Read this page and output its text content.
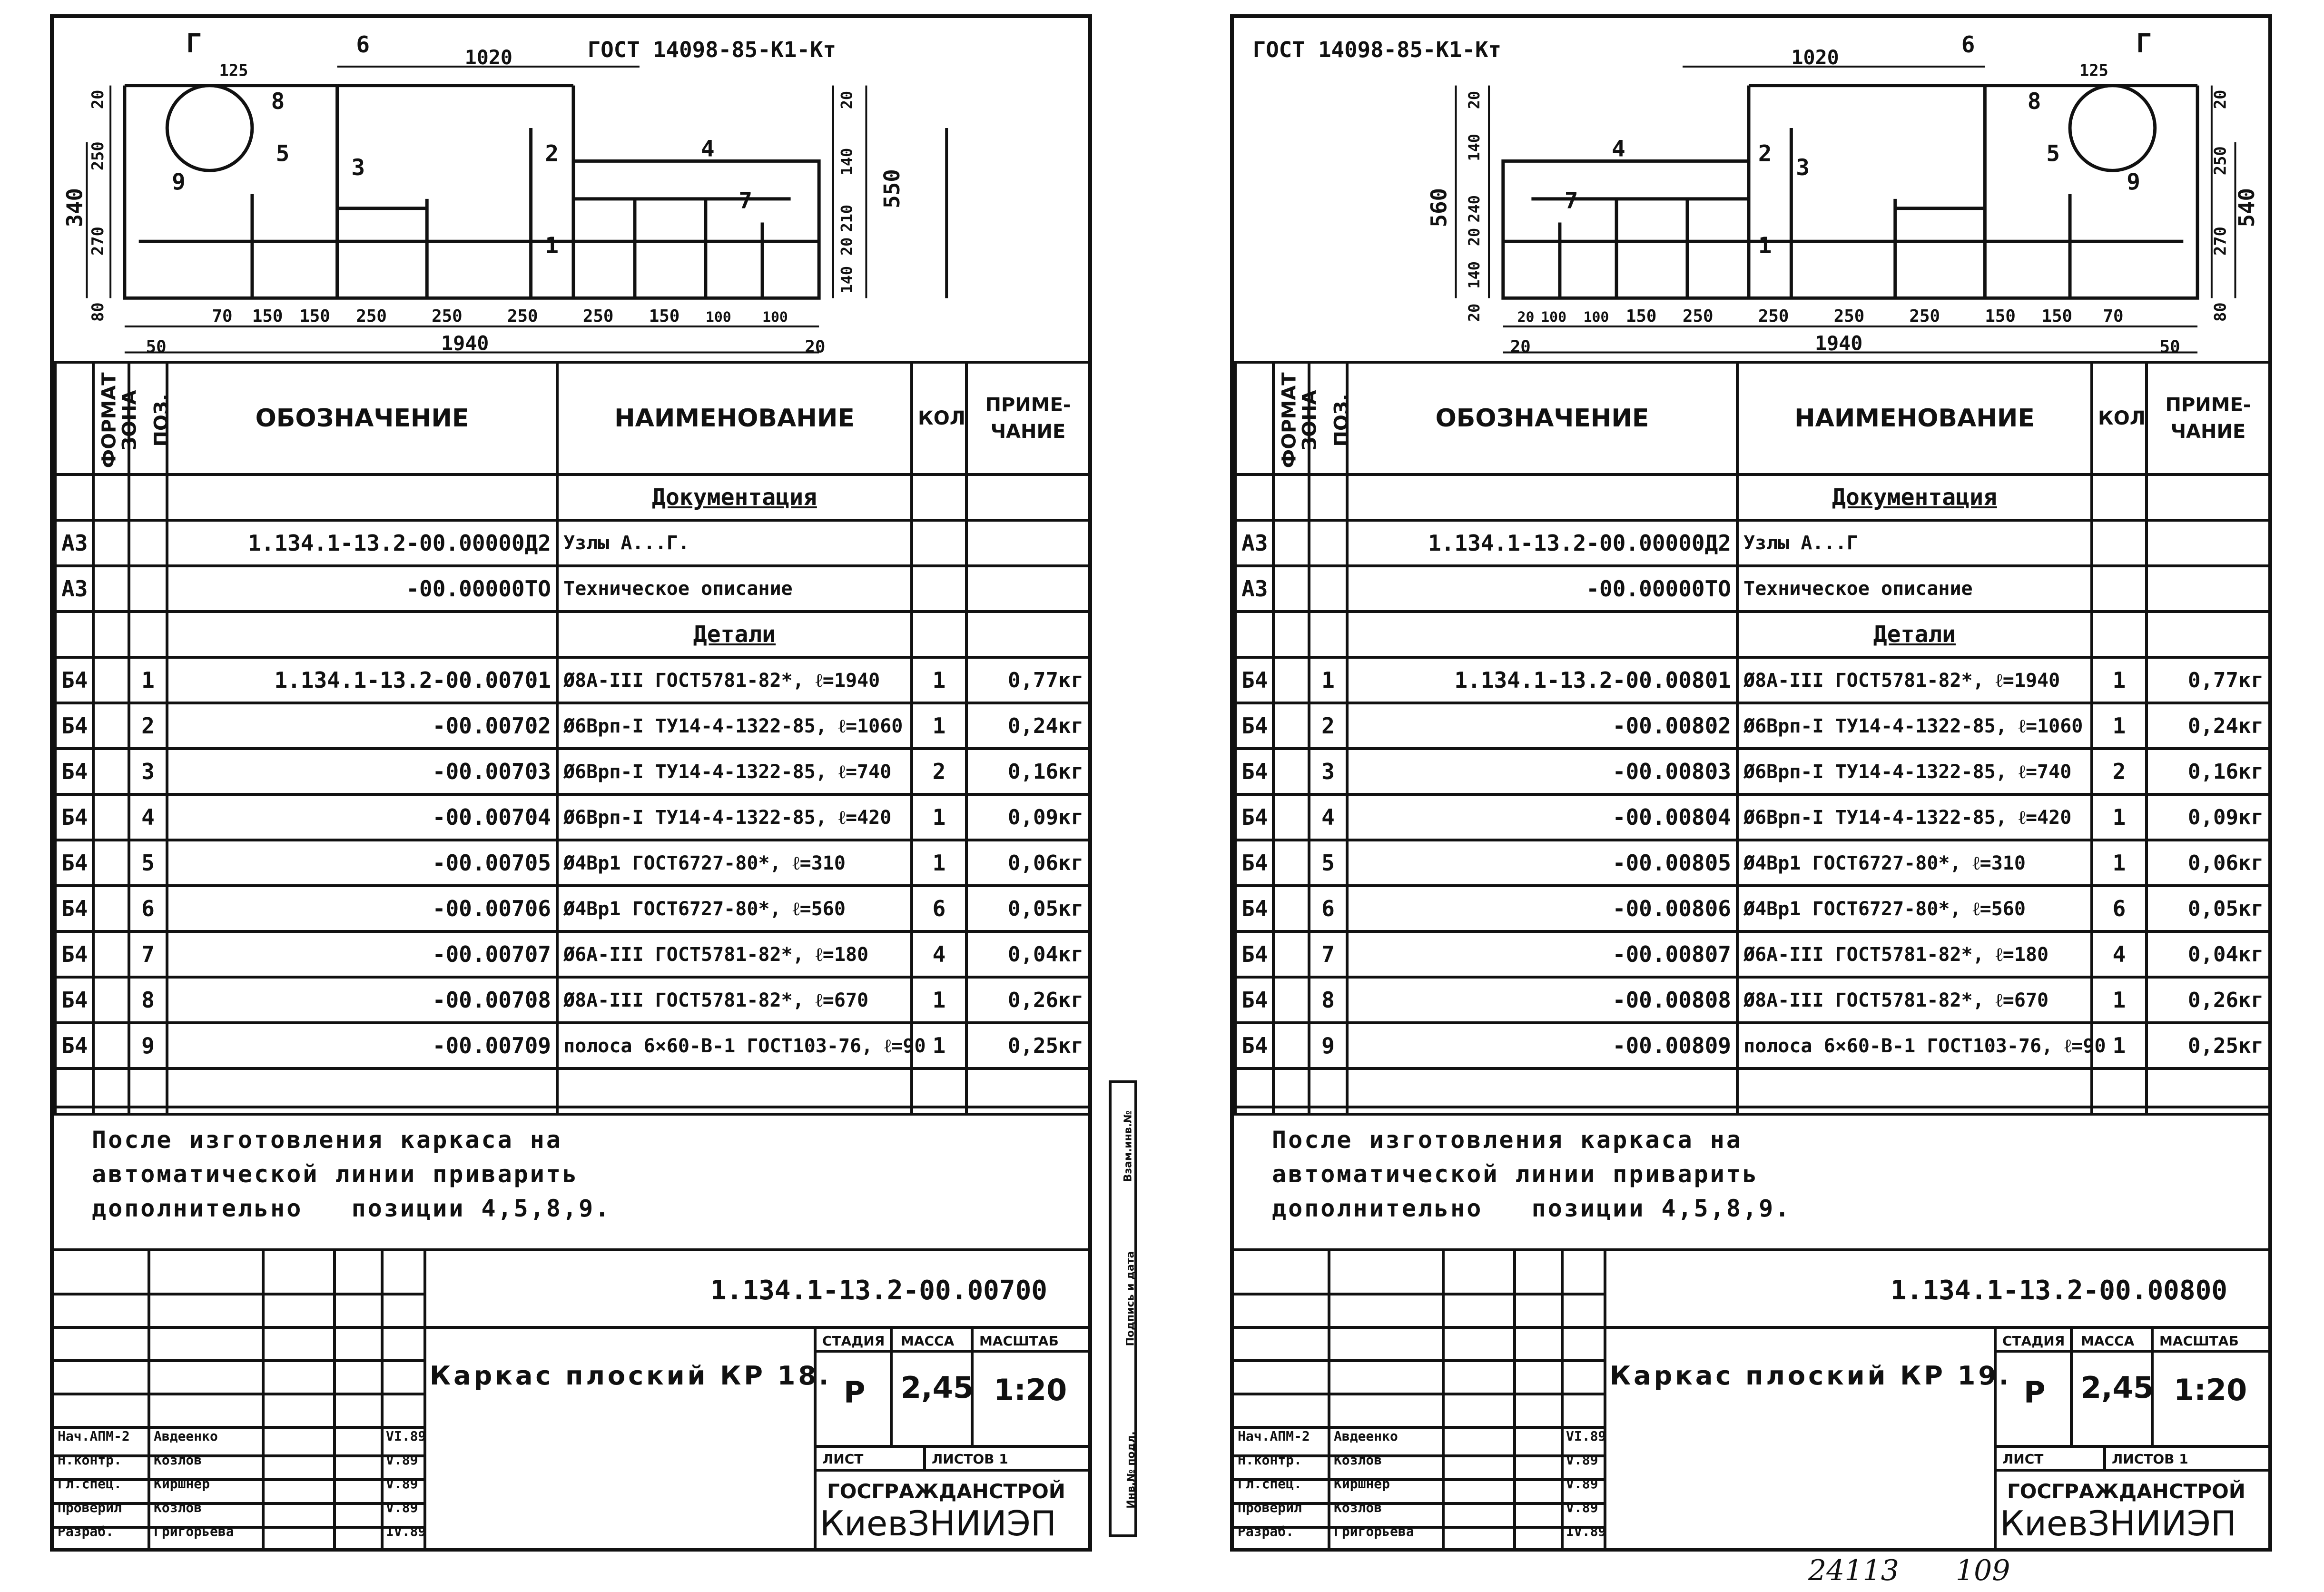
ГОСТ 14098-85-К1-Кт
1020
1940
Г
125
50	20
340	550
70 150 150 250	250	250	250 150 100 100
20
250
270
80
20
140
210
20
140
1
2
3
4
5
6
7
8
9
ФОРМАТ	ЗОНА	ПОЗ.	ОБОЗНАЧЕНИЕ	НАИМЕНОВАНИЕ	КОЛ	ПРИМЕ-
ЧАНИЕ
				Документация		
А3			1.134.1-13.2-00.00000Д2	Узлы А...Г.		
А3			-00.00000ТО	Техническое описание		
				Детали		
Б4		1	1.134.1-13.2-00.00701	Ø8А-III ГОСТ5781-82*, ℓ=1940	1	0,77кг
Б4		2	-00.00702	Ø6Врп-I ТУ14-4-1322-85, ℓ=1060	1	0,24кг
Б4		3	-00.00703	Ø6Врп-I ТУ14-4-1322-85, ℓ=740	2	0,16кг
Б4		4	-00.00704	Ø6Врп-I ТУ14-4-1322-85, ℓ=420	1	0,09кг
Б4		5	-00.00705	Ø4Вр1 ГОСТ6727-80*, ℓ=310	1	0,06кг
Б4		6	-00.00706	Ø4Вр1 ГОСТ6727-80*, ℓ=560	6	0,05кг
Б4		7	-00.00707	Ø6А-III ГОСТ5781-82*, ℓ=180	4	0,04кг
Б4		8	-00.00708	Ø8А-III ГОСТ5781-82*, ℓ=670	1	0,26кг
Б4		9	-00.00709	полоса 6×60-В-1 ГОСТ103-76, ℓ=90	1	0,25кг

После изготовления каркаса на
автоматической линии приварить
дополнительно   позиции 4,5,8,9.
1.134.1-13.2-00.00700
Каркас плоский КР 18.
СТАДИЯ МАССА МАСШТАБ
Р 2,45 1:20
ЛИСТ	ЛИСТОВ 1
ГОСГРАЖДАНСТРОЙ
КиевЗНИИЭП
Нач.АПМ-2 Авдеенко	VI.89
Н.контр. Козлов	V.89
Гл.спец. Киршнер	V.89
Проверил Козлов	V.89
Разраб.	Григорьева	IV.89
Взам.инв.№
Подпись и дата
Инв.№ подл.
ГОСТ 14098-85-К1-Кт	1020
1940
Г
125
50
20
560	540
20 100 100 150 250	250	250	250	150 150 70
20
140
240
20
140
20
20
250
270
80
1
2
3
4	5
6
7
8
9
ФОРМАТ	ЗОНА	ПОЗ.	ОБОЗНАЧЕНИЕ	НАИМЕНОВАНИЕ	КОЛ	ПРИМЕ-
ЧАНИЕ
				Документация		
А3			1.134.1-13.2-00.00000Д2	Узлы А...Г		
А3			-00.00000ТО	Техническое описание		
				Детали		
Б4		1	1.134.1-13.2-00.00801	Ø8А-III ГОСТ5781-82*, ℓ=1940	1	0,77кг
Б4		2	-00.00802	Ø6Врп-I ТУ14-4-1322-85, ℓ=1060	1	0,24кг
Б4		3	-00.00803	Ø6Врп-I ТУ14-4-1322-85, ℓ=740	2	0,16кг
Б4		4	-00.00804	Ø6Врп-I ТУ14-4-1322-85, ℓ=420	1	0,09кг
Б4		5	-00.00805	Ø4Вр1 ГОСТ6727-80*, ℓ=310	1	0,06кг
Б4		6	-00.00806	Ø4Вр1 ГОСТ6727-80*, ℓ=560	6	0,05кг
Б4		7	-00.00807	Ø6А-III ГОСТ5781-82*, ℓ=180	4	0,04кг
Б4		8	-00.00808	Ø8А-III ГОСТ5781-82*, ℓ=670	1	0,26кг
Б4		9	-00.00809	полоса 6×60-В-1 ГОСТ103-76, ℓ=90	1	0,25кг

После изготовления каркаса на
автоматической линии приварить
дополнительно   позиции 4,5,8,9.
1.134.1-13.2-00.00800
Каркас плоский КР 19.
СТАДИЯ МАССА МАСШТАБ
Р 2,45 1:20
ЛИСТ	ЛИСТОВ 1
ГОСГРАЖДАНСТРОЙ
КиевЗНИИЭП
Нач.АПМ-2 Авдеенко	VI.89
Н.контр. Козлов	V.89
Гл.спец. Киршнер	V.89
Проверил Козлов	V.89
Разраб.	Григорьева	IV.89
24113 109
